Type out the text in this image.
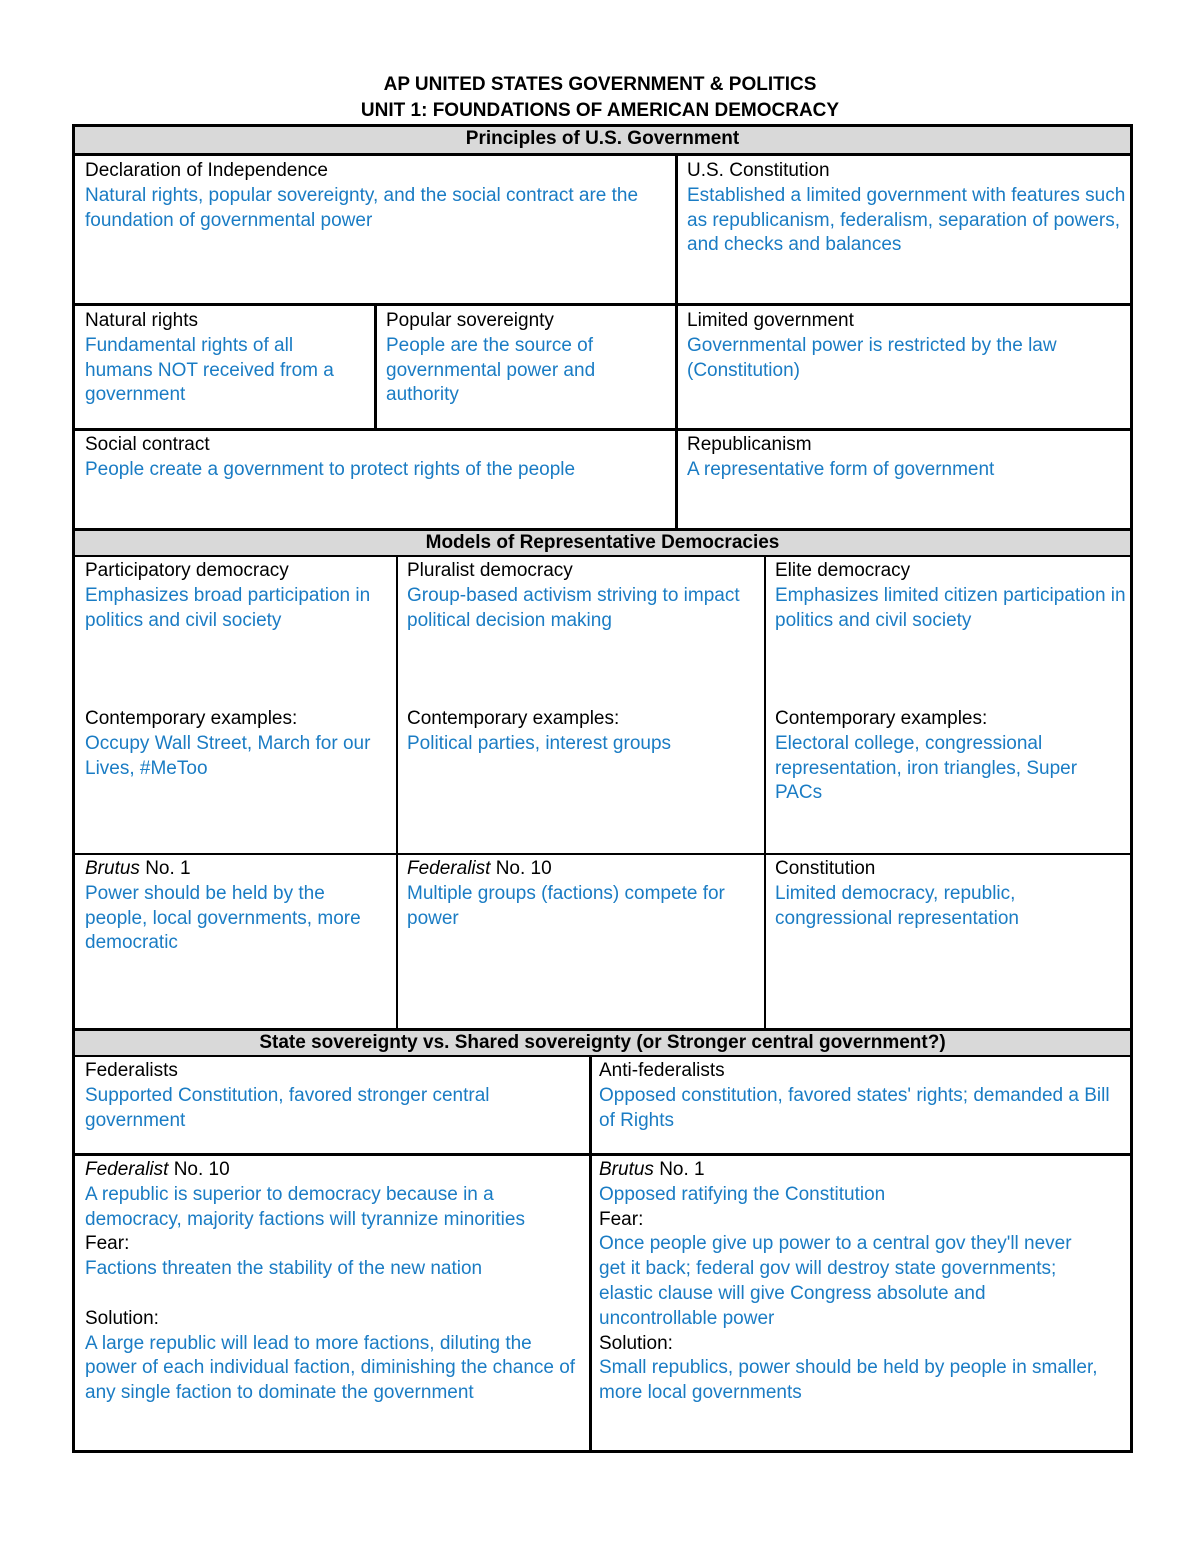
AP UNITED STATES GOVERNMENT & POLITICS
UNIT 1: FOUNDATIONS OF AMERICAN DEMOCRACY
Principles of U.S. Government
Declaration of Independence
Natural rights, popular sovereignty, and the social contract are the foundation of governmental power
U.S. Constitution
Established a limited government with features such as republicanism, federalism, separation of powers, and checks and balances
Natural rights
Fundamental rights of all humans NOT received from a government
Popular sovereignty
People are the source of governmental power and authority
Limited government
Governmental power is restricted by the law (Constitution)
Social contract
People create a government to protect rights of the people
Republicanism
A representative form of government
Models of Representative Democracies
Participatory democracy
Emphasizes broad participation in politics and civil society
Contemporary examples:
Occupy Wall Street, March for our Lives, #MeToo
Pluralist democracy
Group-based activism striving to impact political decision making
Contemporary examples:
Political parties, interest groups
Elite democracy
Emphasizes limited citizen participation in politics and civil society
Contemporary examples:
Electoral college, congressional representation, iron triangles, Super PACs
Brutus No. 1
Power should be held by the people, local governments, more democratic
Federalist No. 10
Multiple groups (factions) compete for power
Constitution
Limited democracy, republic, congressional representation
State sovereignty vs. Shared sovereignty (or Stronger central government?)
Federalists
Supported Constitution, favored stronger central government
Anti-federalists
Opposed constitution, favored states' rights; demanded a Bill of Rights
Federalist No. 10
A republic is superior to democracy because in a democracy, majority factions will tyrannize minorities
Fear:
Factions threaten the stability of the new nation
Solution:
A large republic will lead to more factions, diluting the power of each individual faction, diminishing the chance of any single faction to dominate the government
Brutus No. 1
Opposed ratifying the Constitution
Fear:
Once people give up power to a central gov they'll never get it back; federal gov will destroy state governments; elastic clause will give Congress absolute and uncontrollable power
Solution:
Small republics, power should be held by people in smaller, more local governments
